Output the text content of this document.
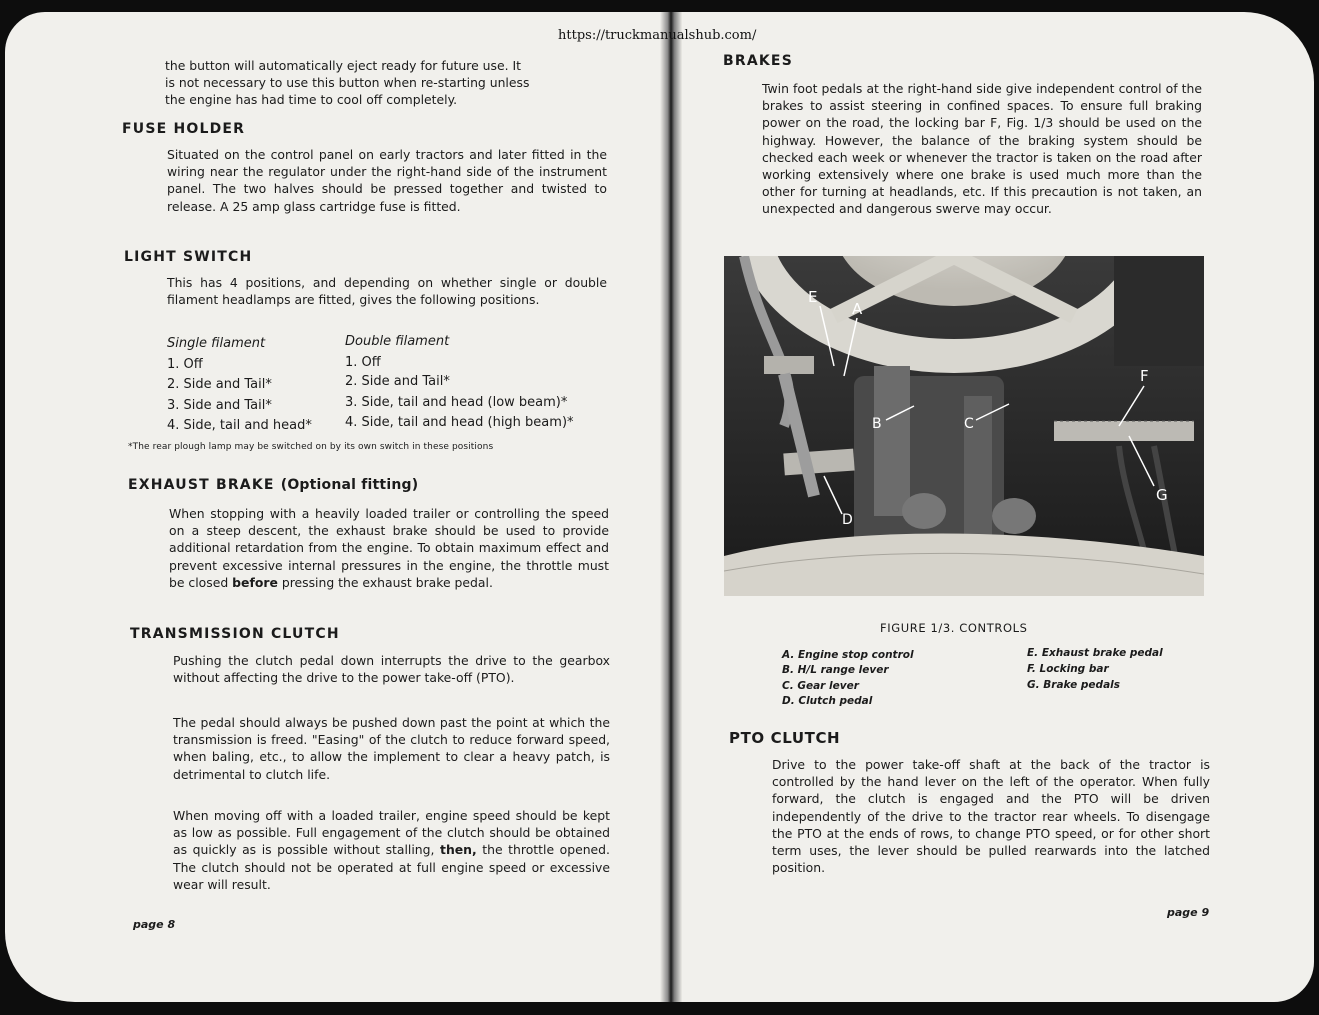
https://truckmanualshub.com/

the button will automatically eject ready for future use. It

is not necessary to use this button when re-starting unless

the engine has had time to cool off completely.

FUSE HOLDER
Situated on the control panel on early tractors and later fitted in the wiring near the regulator under the right-hand side of the instrument panel. The two halves should be pressed together and twisted to release. A 25 amp glass cartridge fuse is fitted.
LIGHT SWITCH
This has 4 positions, and depending on whether single or double filament headlamps are fitted, gives the following positions.
Single filament	Double filament
1. Off	1. Off
2. Side and Tail*	2. Side and Tail*
3. Side and Tail*	3. Side, tail and head (low beam)*
4. Side, tail and head*	4. Side, tail and head (high beam)*
*The rear plough lamp may be switched on by its own switch in these positions
EXHAUST BRAKE (Optional fitting)
When stopping with a heavily loaded trailer or controlling the speed on a steep descent, the exhaust brake should be used to provide additional retardation from the engine. To obtain maximum effect and prevent excessive internal pressures in the engine, the throttle must be closed before pressing the exhaust brake pedal.
TRANSMISSION CLUTCH
Pushing the clutch pedal down interrupts the drive to the gearbox without affecting the drive to the power take-off (PTO).
The pedal should always be pushed down past the point at which the transmission is freed. "Easing" of the clutch to reduce forward speed, when baling, etc., to allow the implement to clear a heavy patch, is detrimental to clutch life.
When moving off with a loaded trailer, engine speed should be kept as low as possible. Full engagement of the clutch should be obtained as quickly as is possible without stalling, then, the throttle opened. The clutch should not be operated at full engine speed or excessive wear will result.
page 8
BRAKES
Twin foot pedals at the right-hand side give independent control of the brakes to assist steering in confined spaces. To ensure full braking power on the road, the locking bar F, Fig. 1/3 should be used on the highway. However, the balance of the braking system should be checked each week or whenever the tractor is taken on the road after working extensively where one brake is used much more than the other for turning at headlands, etc. If this precaution is not taken, an unexpected and dangerous swerve may occur.
E
A
F
B	C
G
D
FIGURE 1/3. CONTROLS
A. Engine stop control
B. H/L range lever
C. Gear lever
D. Clutch pedal
E. Exhaust brake pedal
F. Locking bar
G. Brake pedals
PTO CLUTCH
Drive to the power take-off shaft at the back of the tractor is controlled by the hand lever on the left of the operator. When fully forward, the clutch is engaged and the PTO will be driven independently of the drive to the tractor rear wheels. To disengage the PTO at the ends of rows, to change PTO speed, or for other short term uses, the lever should be pulled rearwards into the latched position.
page 9
